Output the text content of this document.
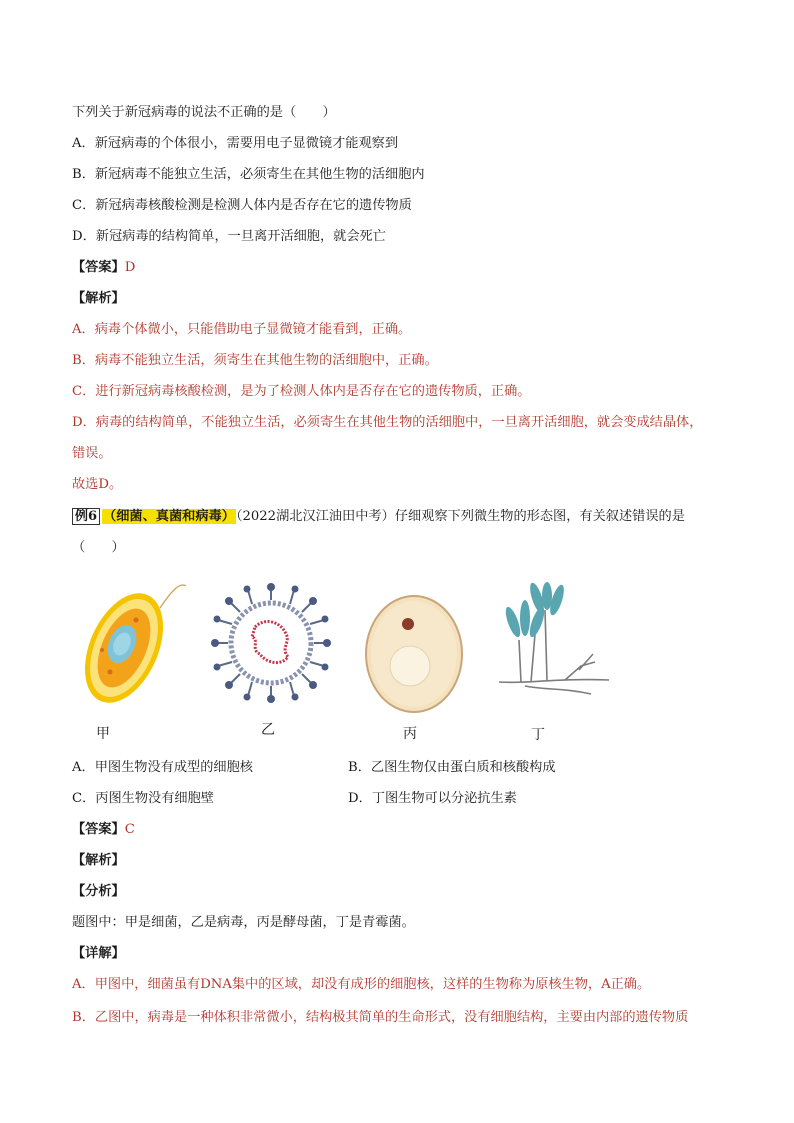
下列关于新冠病毒的说法不正确的是（　　）
A．新冠病毒的个体很小，需要用电子显微镜才能观察到
B．新冠病毒不能独立生活，必须寄生在其他生物的活细胞内
C．新冠病毒核酸检测是检测人体内是否存在它的遗传物质
D．新冠病毒的结构简单，一旦离开活细胞，就会死亡
【答案】D
【解析】
A．病毒个体微小，只能借助电子显微镜才能看到，正确。
B．病毒不能独立生活，须寄生在其他生物的活细胞中，正确。
C．进行新冠病毒核酸检测，是为了检测人体内是否存在它的遗传物质，正确。
D．病毒的结构简单，不能独立生活，必须寄生在其他生物的活细胞中，一旦离开活细胞，就会变成结晶体，
错误。
故选D。
例6 （细菌、真菌和病毒）（2022湖北汉江油田中考）仔细观察下列微生物的形态图，有关叙述错误的是
（　　）
甲	乙	丙	丁
A．甲图生物没有成型的细胞核	B．乙图生物仅由蛋白质和核酸构成
C．丙图生物没有细胞壁	D．丁图生物可以分泌抗生素
【答案】C
【解析】
【分析】
题图中：甲是细菌，乙是病毒，丙是酵母菌，丁是青霉菌。
【详解】
A．甲图中，细菌虽有DNA集中的区域，却没有成形的细胞核，这样的生物称为原核生物，A正确。
B．乙图中，病毒是一种体积非常微小，结构极其简单的生命形式，没有细胞结构，主要由内部的遗传物质
